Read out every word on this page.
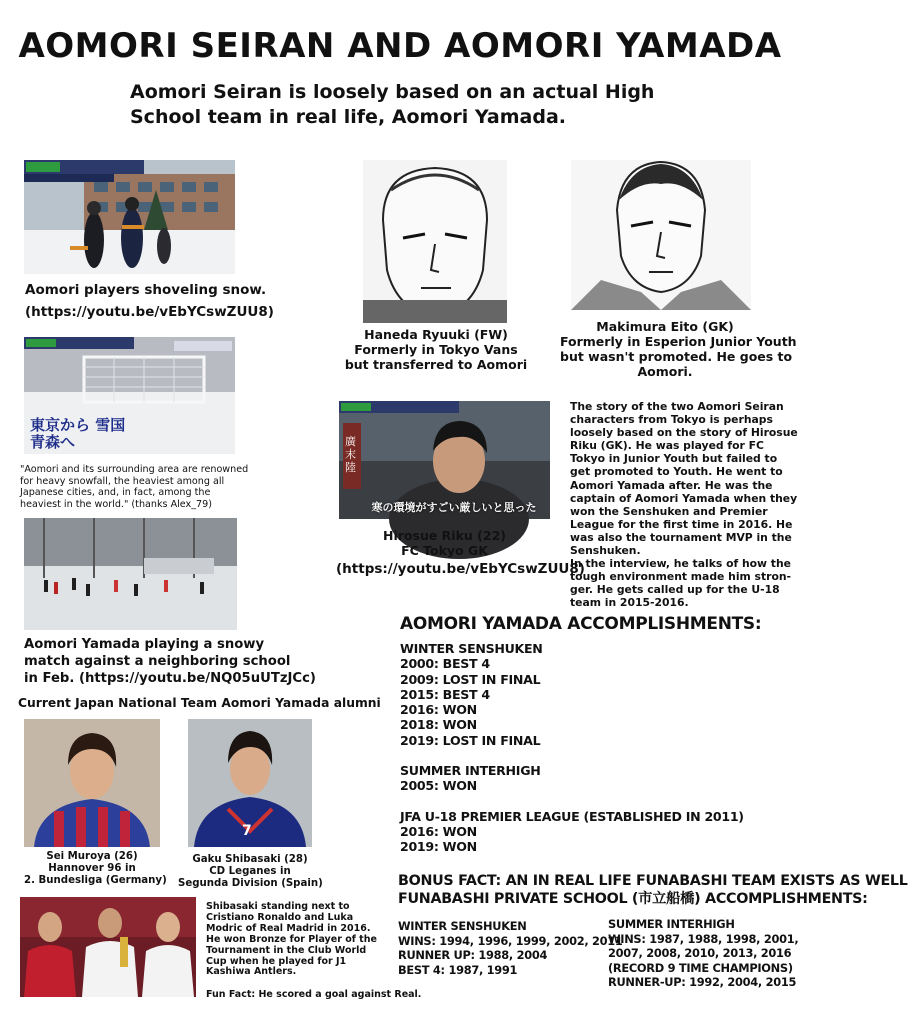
AOMORI SEIRAN AND AOMORI YAMADA
Aomori Seiran is loosely based on an actual High School team in real life, Aomori Yamada.
Aomori players shoveling snow.
(https://youtu.be/vEbYCswZUU8)
東京から 雪国 青森へ
"Aomori and its surrounding area are renowned for heavy snowfall, the heaviest among all Japanese cities, and, in fact, among the heaviest in the world." (thanks Alex_79)
Aomori Yamada playing a snowy
match against a neighboring school
in Feb. (https://youtu.be/NQ05uUTzJCc)
Haneda Ryuuki (FW)
Formerly in Tokyo Vans
but transferred to Aomori
Makimura Eito (GK)
Formerly in Esperion Junior Youth
but wasn't promoted. He goes to
Aomori.
廣末 陸
寒の環境がすごい厳しいと思った
Hirosue Riku (22)
FC Tokyo GK
(https://youtu.be/vEbYCswZUU8)
The story of the two Aomori Seiran
characters from Tokyo is perhaps
loosely based on the story of Hirosue
Riku (GK). He was played for FC
Tokyo in Junior Youth but failed to
get promoted to Youth. He went to
Aomori Yamada after. He was the
captain of Aomori Yamada when they
won the Senshuken and Premier
League for the first time in 2016. He
was also the tournament MVP in the
Senshuken.
In the interview, he talks of how the
tough environment made him stron-
ger. He gets called up for the U-18
team in 2015-2016.
AOMORI YAMADA ACCOMPLISHMENTS:
WINTER SENSHUKEN
2000: BEST 4
2009: LOST IN FINAL
2015: BEST 4
2016: WON
2018: WON
2019: LOST IN FINAL
SUMMER INTERHIGH
2005: WON
JFA U-18 PREMIER LEAGUE (ESTABLISHED IN 2011)
2016: WON
2019: WON
Current Japan National Team Aomori Yamada alumni
Sei Muroya (26)
Hannover 96 in
2. Bundesliga (Germany)
7
Gaku Shibasaki (28)
CD Leganes in
Segunda Division (Spain)
Shibasaki standing next to
Cristiano Ronaldo and Luka
Modric of Real Madrid in 2016.
He won Bronze for Player of the
Tournament in the Club World
Cup when he played for J1
Kashiwa Antlers.
Fun Fact: He scored a goal against Real.
BONUS FACT: AN IN REAL LIFE FUNABASHI TEAM EXISTS AS WELL
FUNABASHI PRIVATE SCHOOL (市立船橋) ACCOMPLISHMENTS:
WINTER SENSHUKEN
WINS: 1994, 1996, 1999, 2002, 2011
RUNNER UP: 1988, 2004
BEST 4: 1987, 1991
SUMMER INTERHIGH
WINS: 1987, 1988, 1998, 2001,
2007, 2008, 2010, 2013, 2016
(RECORD 9 TIME CHAMPIONS)
RUNNER-UP: 1992, 2004, 2015
